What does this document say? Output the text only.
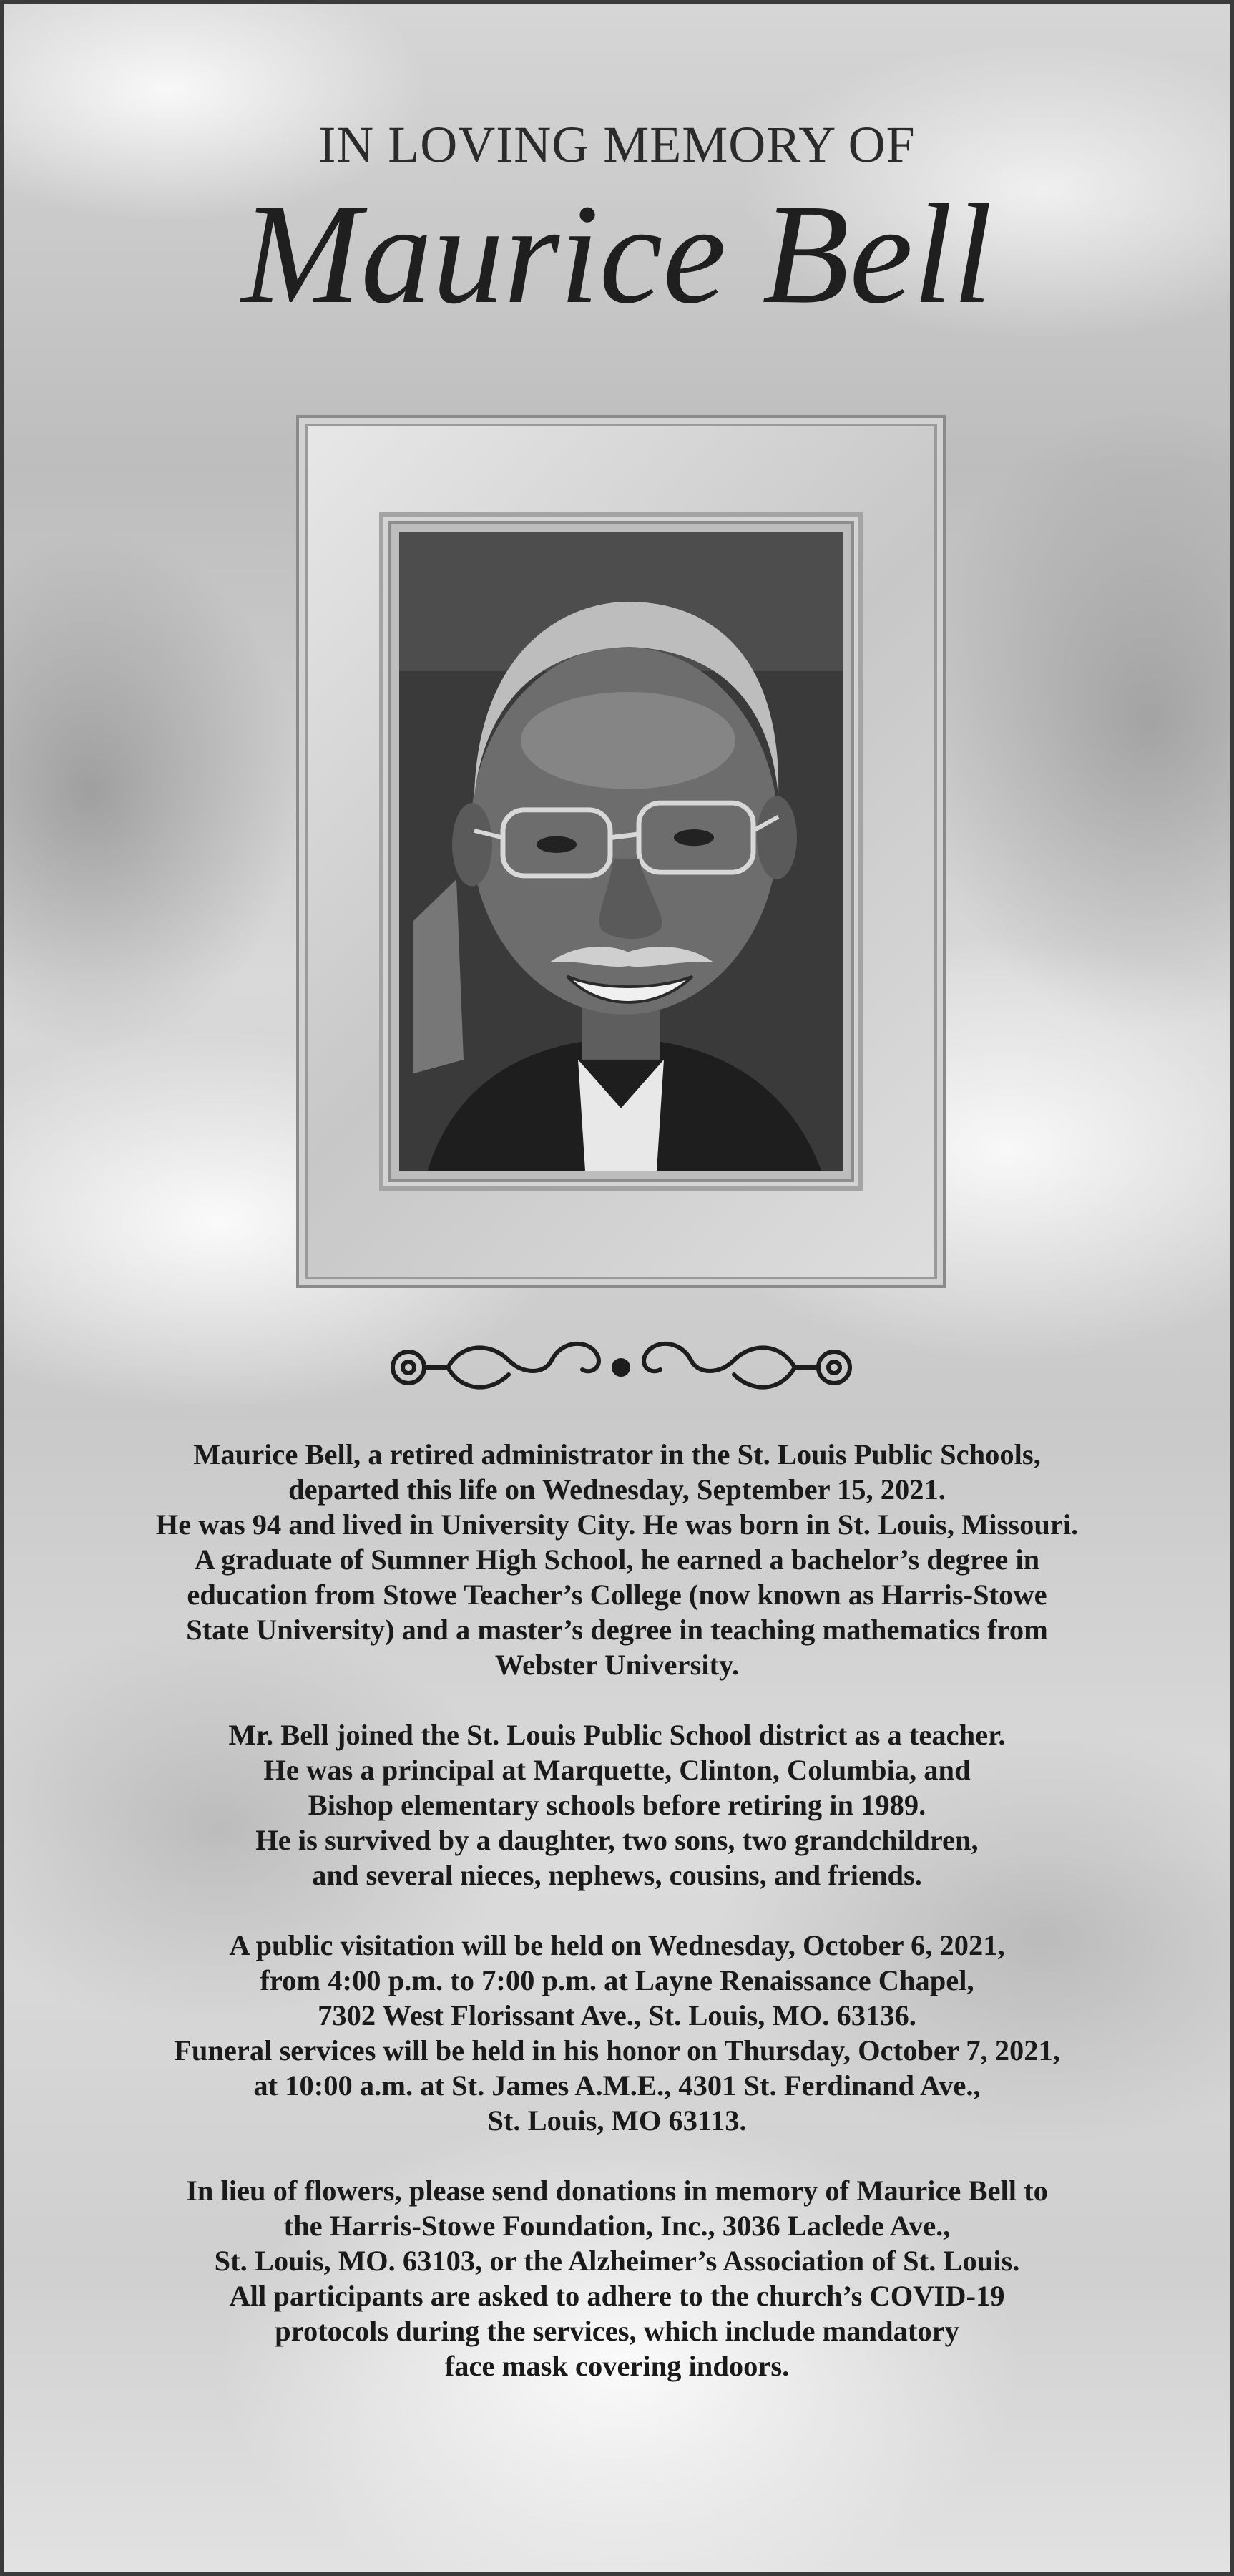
IN LOVING MEMORY OF
Maurice Bell
Maurice Bell, a retired administrator in the St. Louis Public Schools,
departed this life on Wednesday, September 15, 2021.
He was 94 and lived in University City. He was born in St. Louis, Missouri.
A graduate of Sumner High School, he earned a bachelor’s degree in
education from Stowe Teacher’s College (now known as Harris-Stowe
State University) and a master’s degree in teaching mathematics from
Webster University.
Mr. Bell joined the St. Louis Public School district as a teacher.
He was a principal at Marquette, Clinton, Columbia, and
Bishop elementary schools before retiring in 1989.
He is survived by a daughter, two sons, two grandchildren,
and several nieces, nephews, cousins, and friends.
A public visitation will be held on Wednesday, October 6, 2021,
from 4:00 p.m. to 7:00 p.m. at Layne Renaissance Chapel,
7302 West Florissant Ave., St. Louis, MO. 63136.
Funeral services will be held in his honor on Thursday, October 7, 2021,
at 10:00 a.m. at St. James A.M.E., 4301 St. Ferdinand Ave.,
St. Louis, MO 63113.
In lieu of flowers, please send donations in memory of Maurice Bell to
the Harris-Stowe Foundation, Inc., 3036 Laclede Ave.,
St. Louis, MO. 63103, or the Alzheimer’s Association of St. Louis.
All participants are asked to adhere to the church’s COVID-19
protocols during the services, which include mandatory
face mask covering indoors.
